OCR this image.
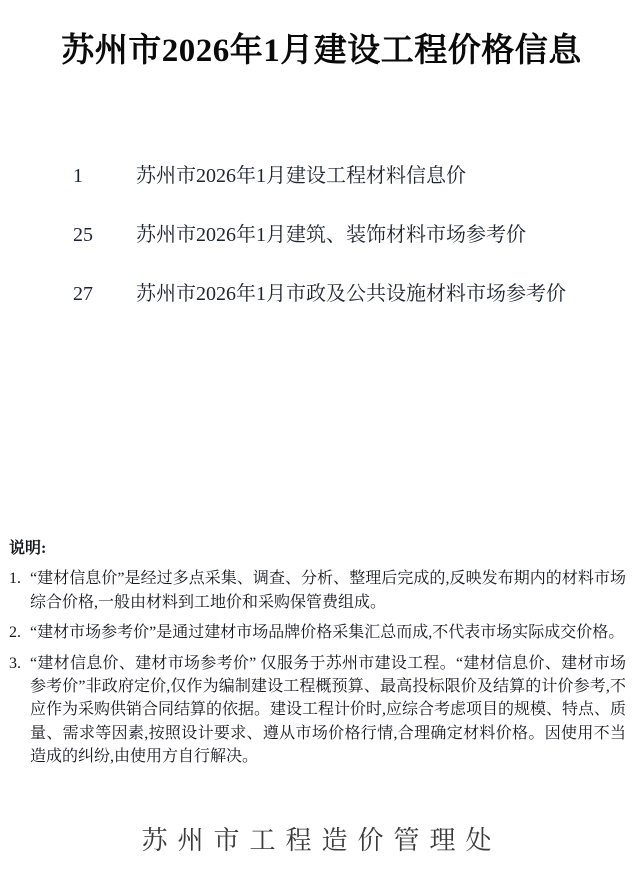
苏州市2026年1月建设工程价格信息
1	苏州市2026年1月建设工程材料信息价
25	苏州市2026年1月建筑、装饰材料市场参考价
27	苏州市2026年1月市政及公共设施材料市场参考价
说明:
1. “建材信息价”是经过多点采集、调查、分析、整理后完成的,反映发布期内的材料市场综合价格,一般由材料到工地价和采购保管费组成。
2. “建材市场参考价”是通过建材市场品牌价格采集汇总而成,不代表市场实际成交价格。
3. “建材信息价、建材市场参考价” 仅服务于苏州市建设工程。“建材信息价、建材市场参考价”非政府定价,仅作为编制建设工程概预算、最高投标限价及结算的计价参考,不应作为采购供销合同结算的依据。建设工程计价时,应综合考虑项目的规模、特点、质量、需求等因素,按照设计要求、遵从市场价格行情,合理确定材料价格。因使用不当造成的纠纷,由使用方自行解决。
苏州市工程造价管理处
